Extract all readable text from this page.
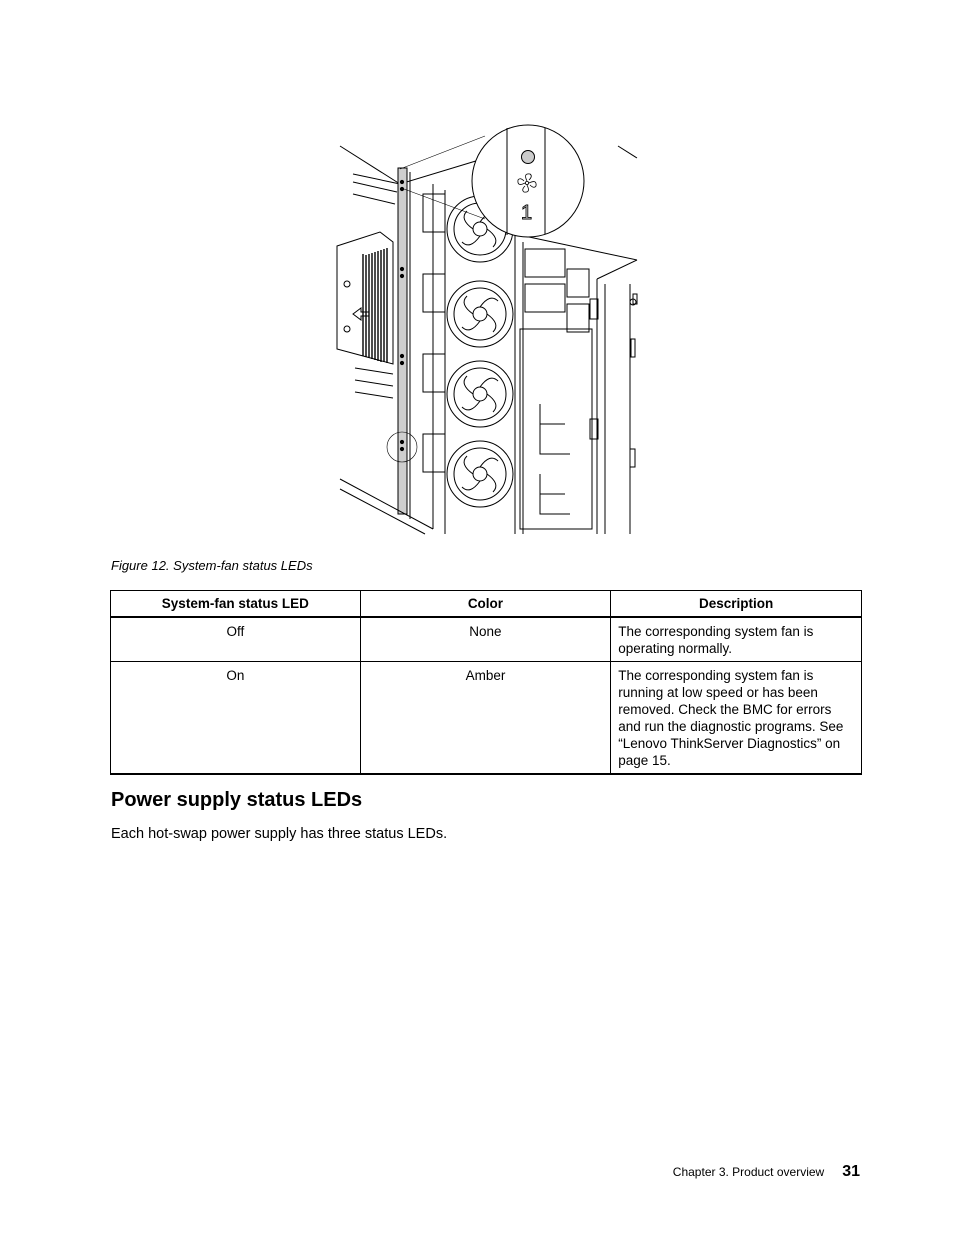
1
Figure 12. System-fan status LEDs
System-fan status LED	Color	Description
Off	None	The corresponding system fan is operating normally.
On	Amber	The corresponding system fan is running at low speed or has been removed. Check the BMC for errors and run the diagnostic programs. See “Lenovo ThinkServer Diagnostics” on page 15.
Power supply status LEDs

Each hot-swap power supply has three status LEDs.

Chapter 3. Product overview 31
